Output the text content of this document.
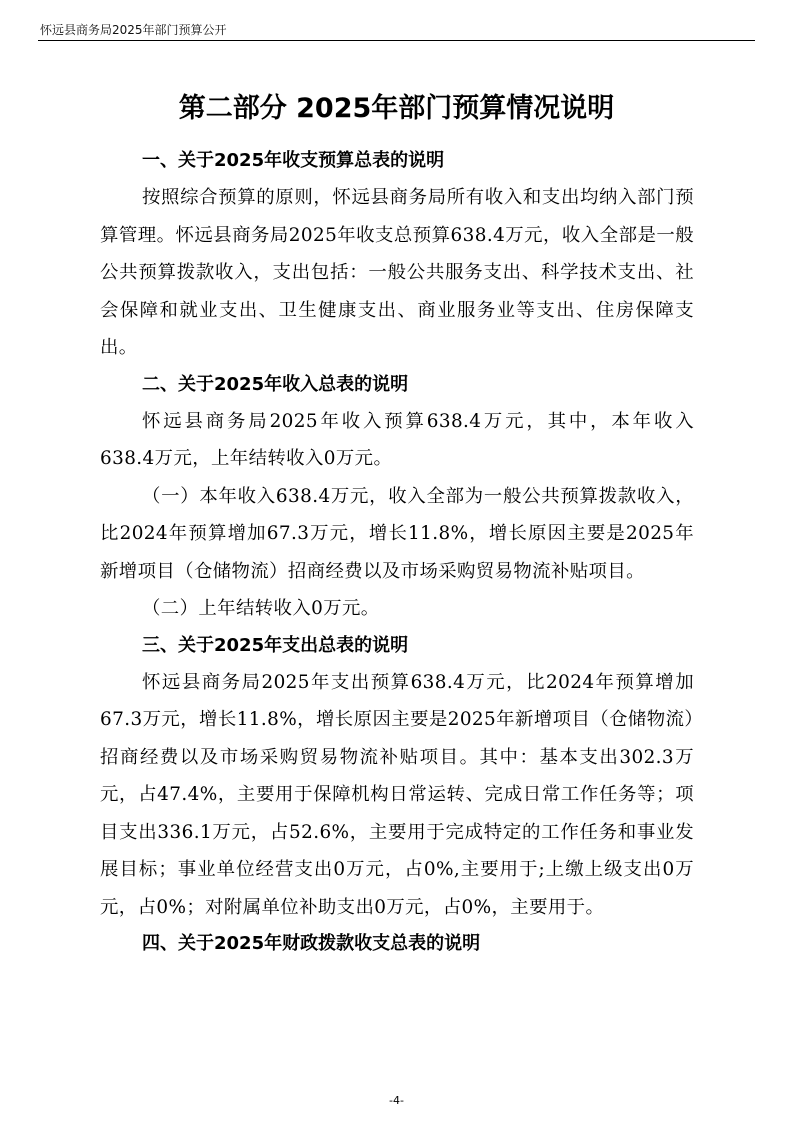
怀远县商务局2025年部门预算公开
第二部分 2025年部门预算情况说明
一、关于2025年收支预算总表的说明

按照综合预算的原则，怀远县商务局所有收入和支出均纳入部门预算管理。怀远县商务局2025年收支总预算638.4万元，收入全部是一般公共预算拨款收入，支出包括：一般公共服务支出、科学技术支出、社会保障和就业支出、卫生健康支出、商业服务业等支出、住房保障支出。

二、关于2025年收入总表的说明

怀远县商务局2025年收入预算638.4万元，其中，本年收入638.4万元，上年结转收入0万元。

（一）本年收入638.4万元，收入全部为一般公共预算拨款收入，比2024年预算增加67.3万元，增长11.8%，增长原因主要是2025年新增项目（仓储物流）招商经费以及市场采购贸易物流补贴项目。

（二）上年结转收入0万元。

三、关于2025年支出总表的说明

怀远县商务局2025年支出预算638.4万元，比2024年预算增加67.3万元，增长11.8%，增长原因主要是2025年新增项目（仓储物流）招商经费以及市场采购贸易物流补贴项目。其中：基本支出302.3万元，占47.4%，主要用于保障机构日常运转、完成日常工作任务等；项目支出336.1万元，占52.6%，主要用于完成特定的工作任务和事业发展目标；事业单位经营支出0万元，占0%,主要用于;上缴上级支出0万元，占0%；对附属单位补助支出0万元，占0%，主要用于。

四、关于2025年财政拨款收支总表的说明
-4-
